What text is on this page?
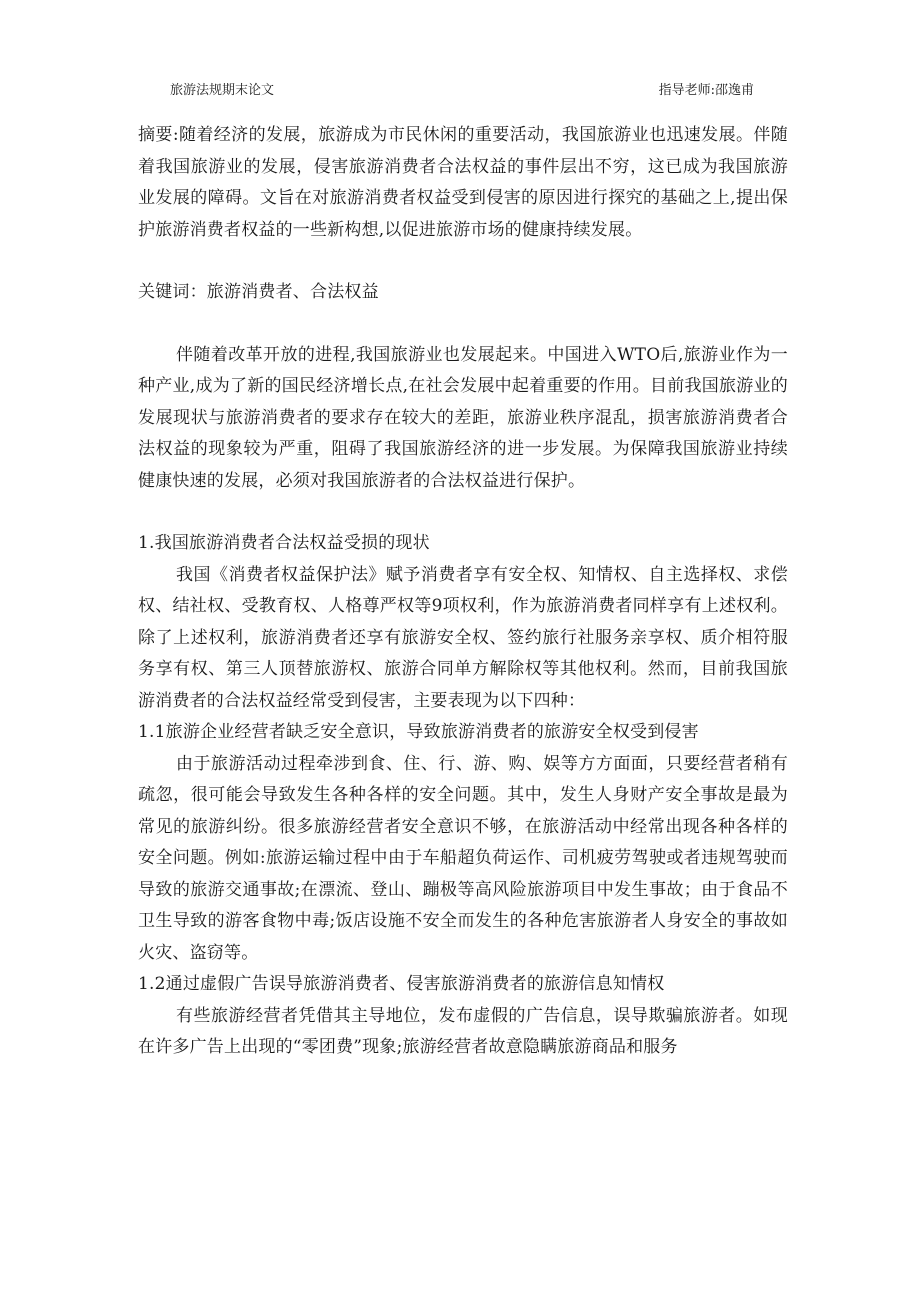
旅游法规期末论文	指导老师:邵逸甫

摘要:随着经济的发展，旅游成为市民休闲的重要活动，我国旅游业也迅速发展。伴随着我国旅游业的发展，侵害旅游消费者合法权益的事件层出不穷，这已成为我国旅游业发展的障碍。文旨在对旅游消费者权益受到侵害的原因进行探究的基础之上,提出保护旅游消费者权益的一些新构想,以促进旅游市场的健康持续发展。

关键词：旅游消费者、合法权益

伴随着改革开放的进程,我国旅游业也发展起来。中国进入WTO后,旅游业作为一种产业,成为了新的国民经济增长点,在社会发展中起着重要的作用。目前我国旅游业的发展现状与旅游消费者的要求存在较大的差距，旅游业秩序混乱，损害旅游消费者合法权益的现象较为严重，阻碍了我国旅游经济的进一步发展。为保障我国旅游业持续健康快速的发展，必须对我国旅游者的合法权益进行保护。

1.我国旅游消费者合法权益受损的现状

我国《消费者权益保护法》赋予消费者享有安全权、知情权、自主选择权、求偿权、结社权、受教育权、人格尊严权等9项权利，作为旅游消费者同样享有上述权利。除了上述权利，旅游消费者还享有旅游安全权、签约旅行社服务亲享权、质介相符服务享有权、第三人顶替旅游权、旅游合同单方解除权等其他权利。然而，目前我国旅游消费者的合法权益经常受到侵害，主要表现为以下四种：

1.1旅游企业经营者缺乏安全意识，导致旅游消费者的旅游安全权受到侵害

由于旅游活动过程牵涉到食、住、行、游、购、娱等方方面面，只要经营者稍有疏忽，很可能会导致发生各种各样的安全问题。其中，发生人身财产安全事故是最为常见的旅游纠纷。很多旅游经营者安全意识不够，在旅游活动中经常出现各种各样的安全问题。例如:旅游运输过程中由于车船超负荷运作、司机疲劳驾驶或者违规驾驶而导致的旅游交通事故;在漂流、登山、蹦极等高风险旅游项目中发生事故；由于食品不卫生导致的游客食物中毒;饭店设施不安全而发生的各种危害旅游者人身安全的事故如火灾、盗窃等。

1.2通过虚假广告误导旅游消费者、侵害旅游消费者的旅游信息知情权

有些旅游经营者凭借其主导地位，发布虚假的广告信息，误导欺骗旅游者。如现在许多广告上出现的“零团费”现象;旅游经营者故意隐瞒旅游商品和服务
